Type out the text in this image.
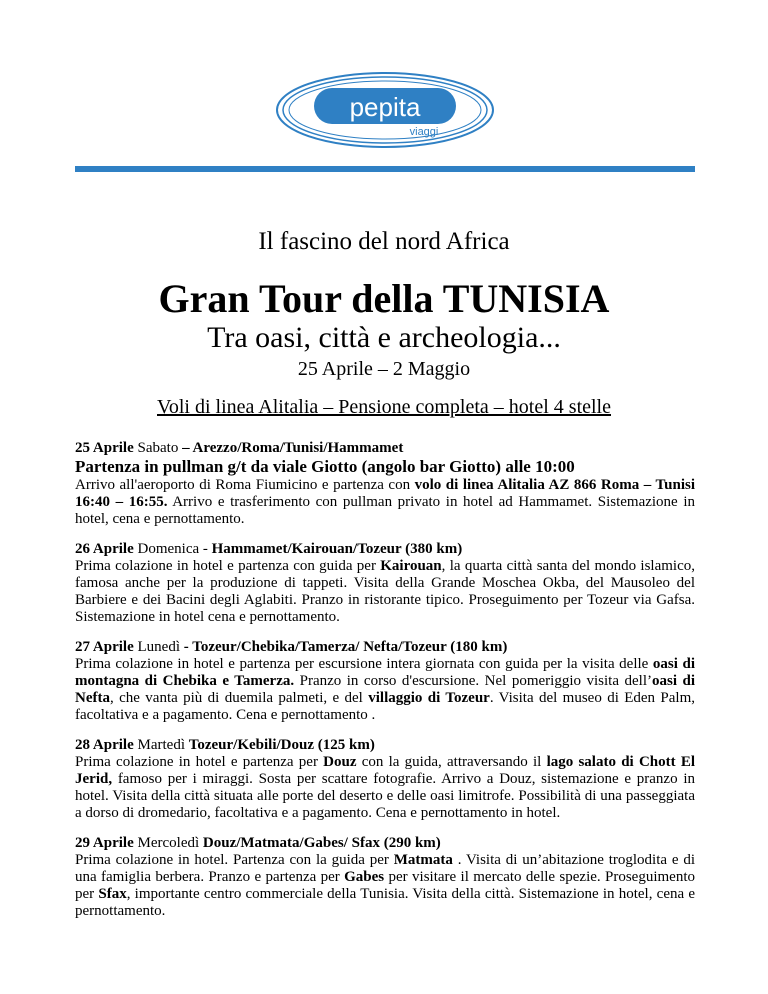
pepita
viaggi
Il fascino del nord Africa
Gran Tour della TUNISIA
Tra oasi, città e archeologia...
25 Aprile – 2 Maggio
Voli di linea Alitalia – Pensione completa – hotel 4 stelle

25 Aprile Sabato – Arezzo/Roma/Tunisi/Hammamet

Partenza in pullman g/t da viale Giotto (angolo bar Giotto) alle 10:00

Arrivo all'aeroporto di Roma Fiumicino e partenza con volo di linea Alitalia AZ 866 Roma – Tunisi 16:40 – 16:55. Arrivo e trasferimento con pullman privato in hotel ad Hammamet. Sistemazione in hotel, cena e pernottamento.

26 Aprile Domenica - Hammamet/Kairouan/Tozeur (380 km)

Prima colazione in hotel e partenza con guida per Kairouan, la quarta città santa del mondo islamico, famosa anche per la produzione di tappeti. Visita della Grande Moschea Okba, del Mausoleo del Barbiere e dei Bacini degli Aglabiti. Pranzo in ristorante tipico. Proseguimento per Tozeur via Gafsa. Sistemazione in hotel cena e pernottamento.

27 Aprile Lunedì - Tozeur/Chebika/Tamerza/ Nefta/Tozeur (180 km)

Prima colazione in hotel e partenza per escursione intera giornata con guida per la visita delle oasi di montagna di Chebika e Tamerza. Pranzo in corso d'escursione. Nel pomeriggio visita dell’oasi di Nefta, che vanta più di duemila palmeti, e del villaggio di Tozeur. Visita del museo di Eden Palm, facoltativa e a pagamento. Cena e pernottamento .

28 Aprile Martedì Tozeur/Kebili/Douz (125 km)

Prima colazione in hotel e partenza per Douz con la guida, attraversando il lago salato di Chott El Jerid, famoso per i miraggi. Sosta per scattare fotografie. Arrivo a Douz, sistemazione e pranzo in hotel. Visita della città situata alle porte del deserto e delle oasi limitrofe. Possibilità di una passeggiata a dorso di dromedario, facoltativa e a pagamento. Cena e pernottamento in hotel.

29 Aprile Mercoledì Douz/Matmata/Gabes/ Sfax (290 km)

Prima colazione in hotel. Partenza con la guida per Matmata . Visita di un’abitazione troglodita e di una famiglia berbera. Pranzo e partenza per Gabes per visitare il mercato delle spezie. Proseguimento per Sfax, importante centro commerciale della Tunisia. Visita della città. Sistemazione in hotel, cena e pernottamento.
